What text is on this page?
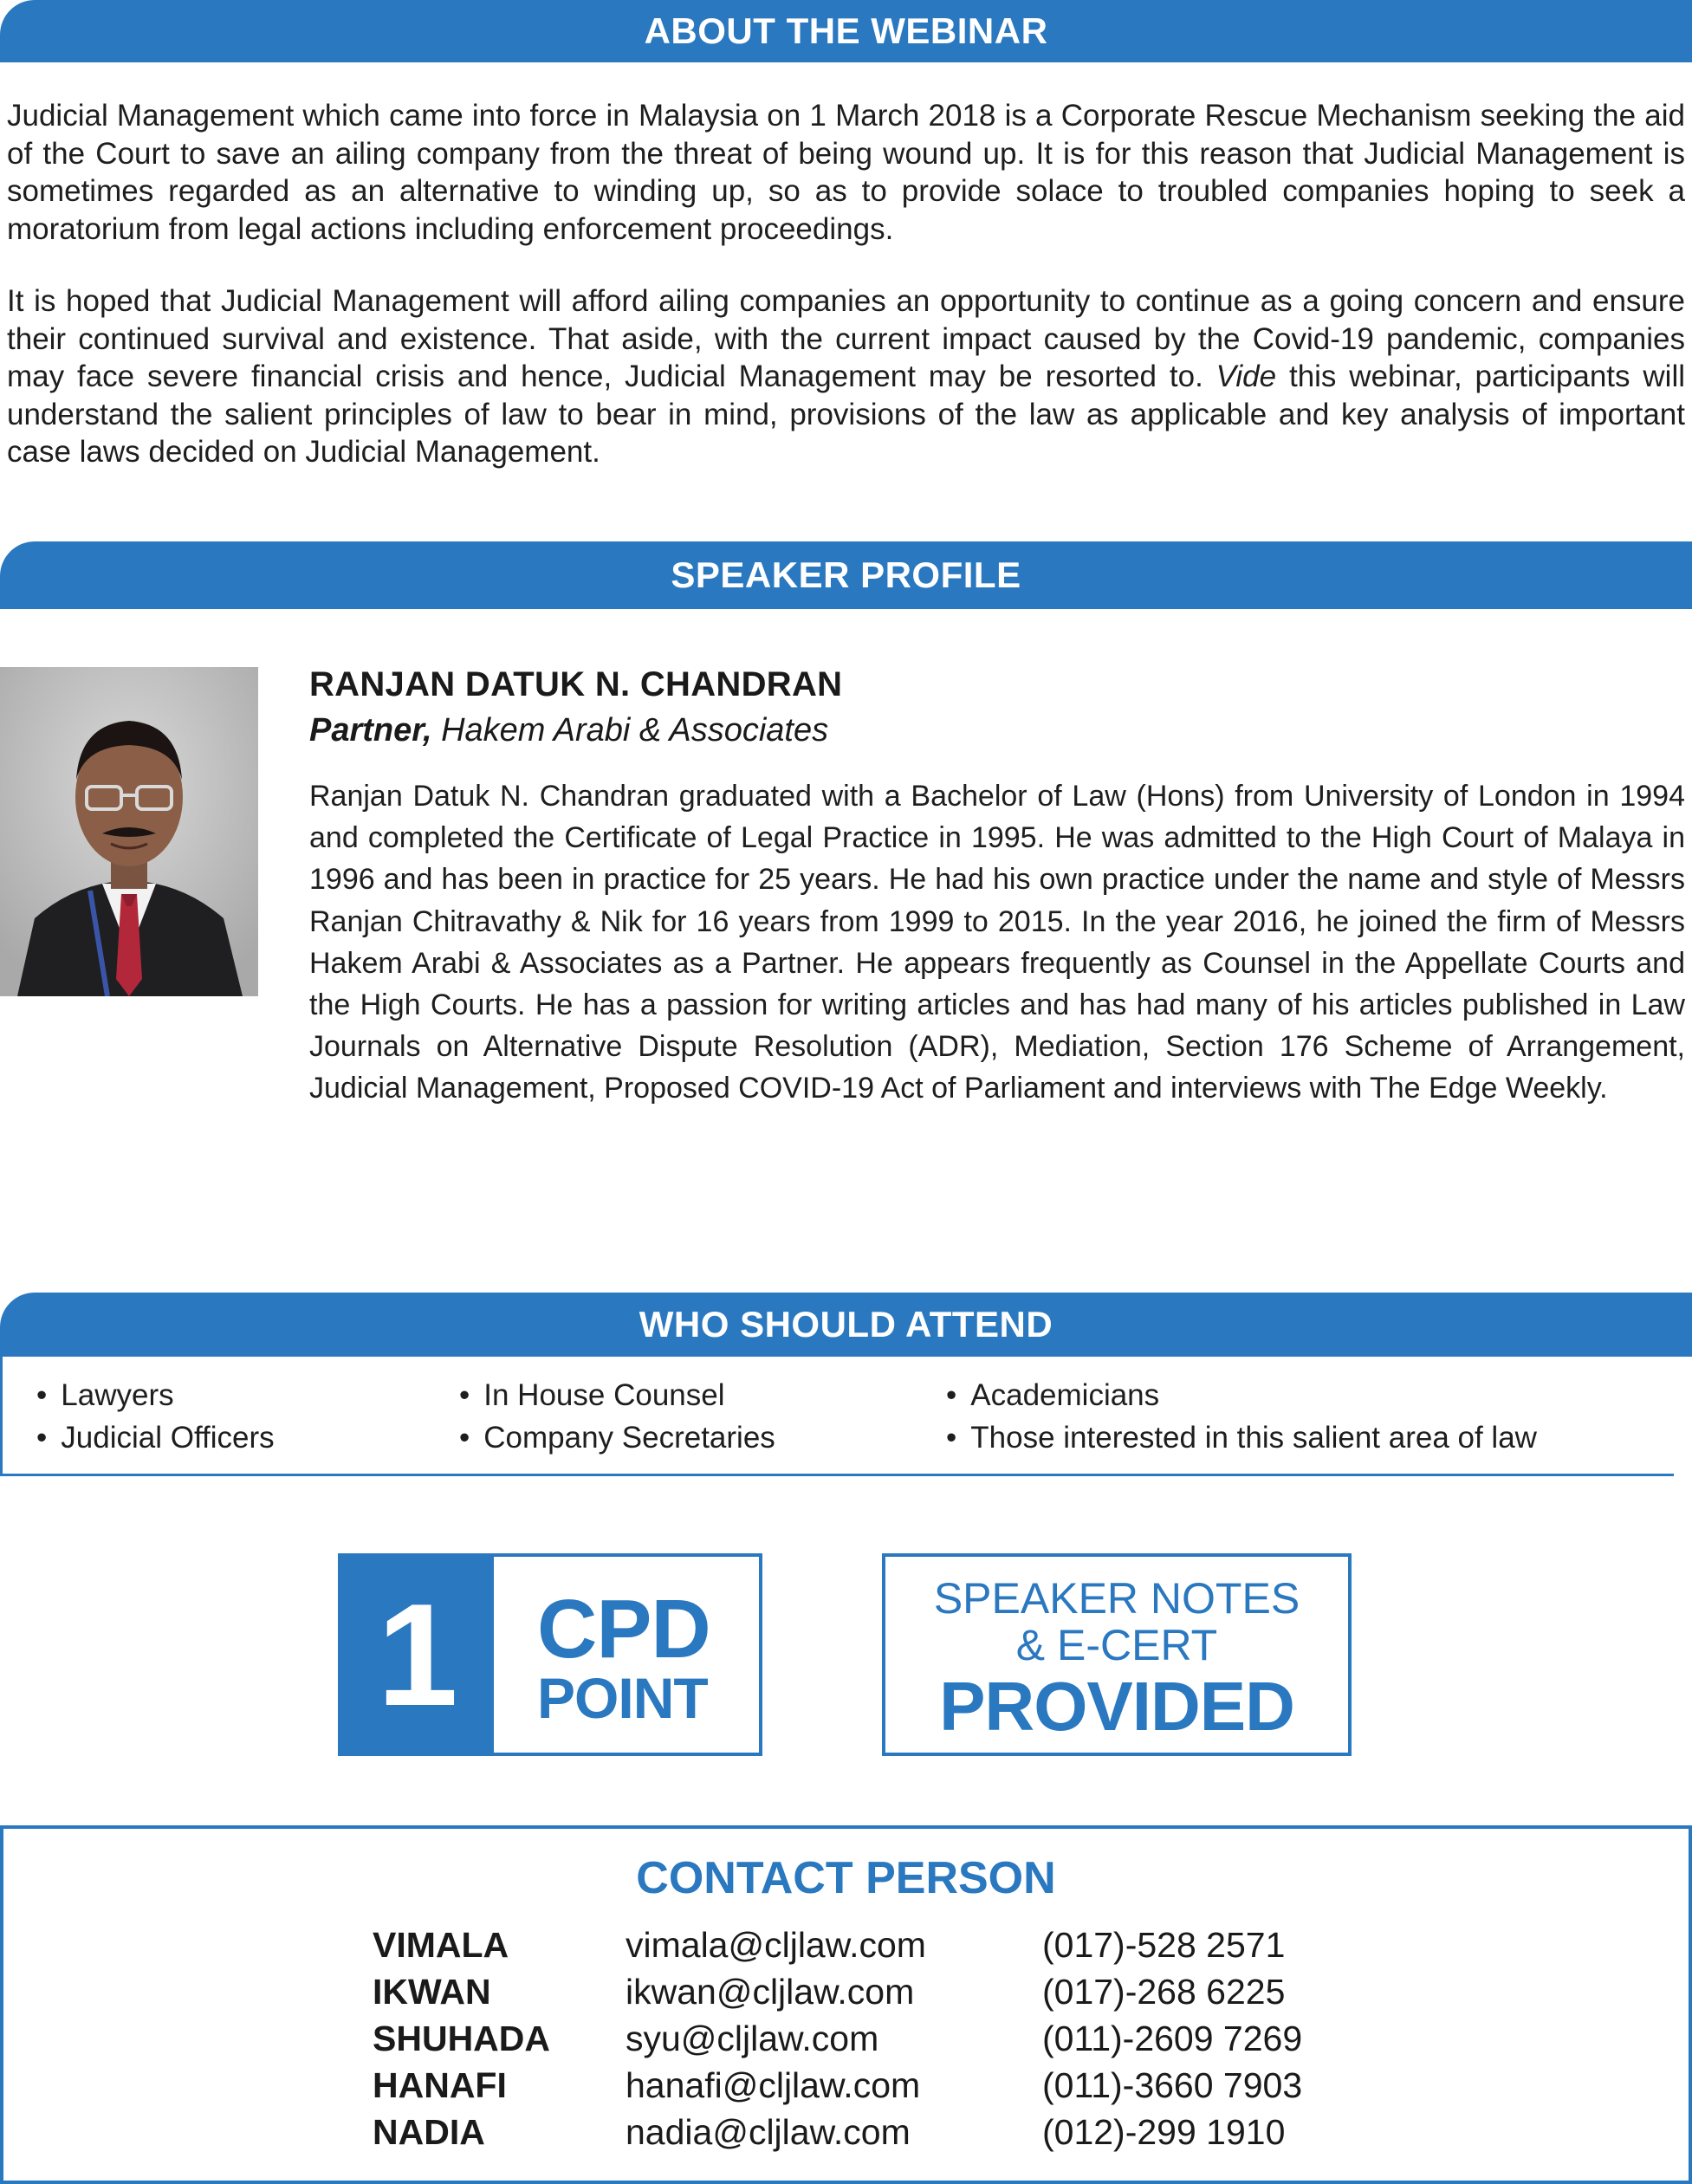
ABOUT THE WEBINAR

Judicial Management which came into force in Malaysia on 1 March 2018 is a Corporate Rescue Mechanism seeking the aid of the Court to save an ailing company from the threat of being wound up. It is for this reason that Judicial Management is sometimes regarded as an alternative to winding up, so as to provide solace to troubled companies hoping to seek a moratorium from legal actions including enforcement proceedings.

It is hoped that Judicial Management will afford ailing companies an opportunity to continue as a going concern and ensure their continued survival and existence. That aside, with the current impact caused by the Covid-19 pandemic, companies may face severe financial crisis and hence, Judicial Management may be resorted to. Vide this webinar, participants will understand the salient principles of law to bear in mind, provisions of the law as applicable and key analysis of important case laws decided on Judicial Management.

SPEAKER PROFILE
RANJAN DATUK N. CHANDRAN
Partner, Hakem Arabi & Associates

Ranjan Datuk N. Chandran graduated with a Bachelor of Law (Hons) from University of London in 1994 and completed the Certificate of Legal Practice in 1995. He was admitted to the High Court of Malaya in 1996 and has been in practice for 25 years. He had his own practice under the name and style of Messrs Ranjan Chitravathy & Nik for 16 years from 1999 to 2015. In the year 2016, he joined the firm of Messrs Hakem Arabi & Associates as a Partner. He appears frequently as Counsel in the Appellate Courts and the High Courts. He has a passion for writing articles and has had many of his articles published in Law Journals on Alternative Dispute Resolution (ADR), Mediation, Section 176 Scheme of Arrangement, Judicial Management, Proposed COVID-19 Act of Parliament and interviews with The Edge Weekly.

WHO SHOULD ATTEND
• Lawyers
• Judicial Officers
• In House Counsel
• Company Secretaries
• Academicians
• Those interested in this salient area of law
1 CPD
POINT
SPEAKER NOTES
& E-CERT
PROVIDED
CONTACT PERSON
VIMALA	vimala@cljlaw.com	(017)-528 2571
IKWAN	ikwan@cljlaw.com	(017)-268 6225
SHUHADA syu@cljlaw.com	(011)-2609 7269
HANAFI	hanafi@cljlaw.com	(011)-3660 7903
NADIA	nadia@cljlaw.com	(012)-299 1910
